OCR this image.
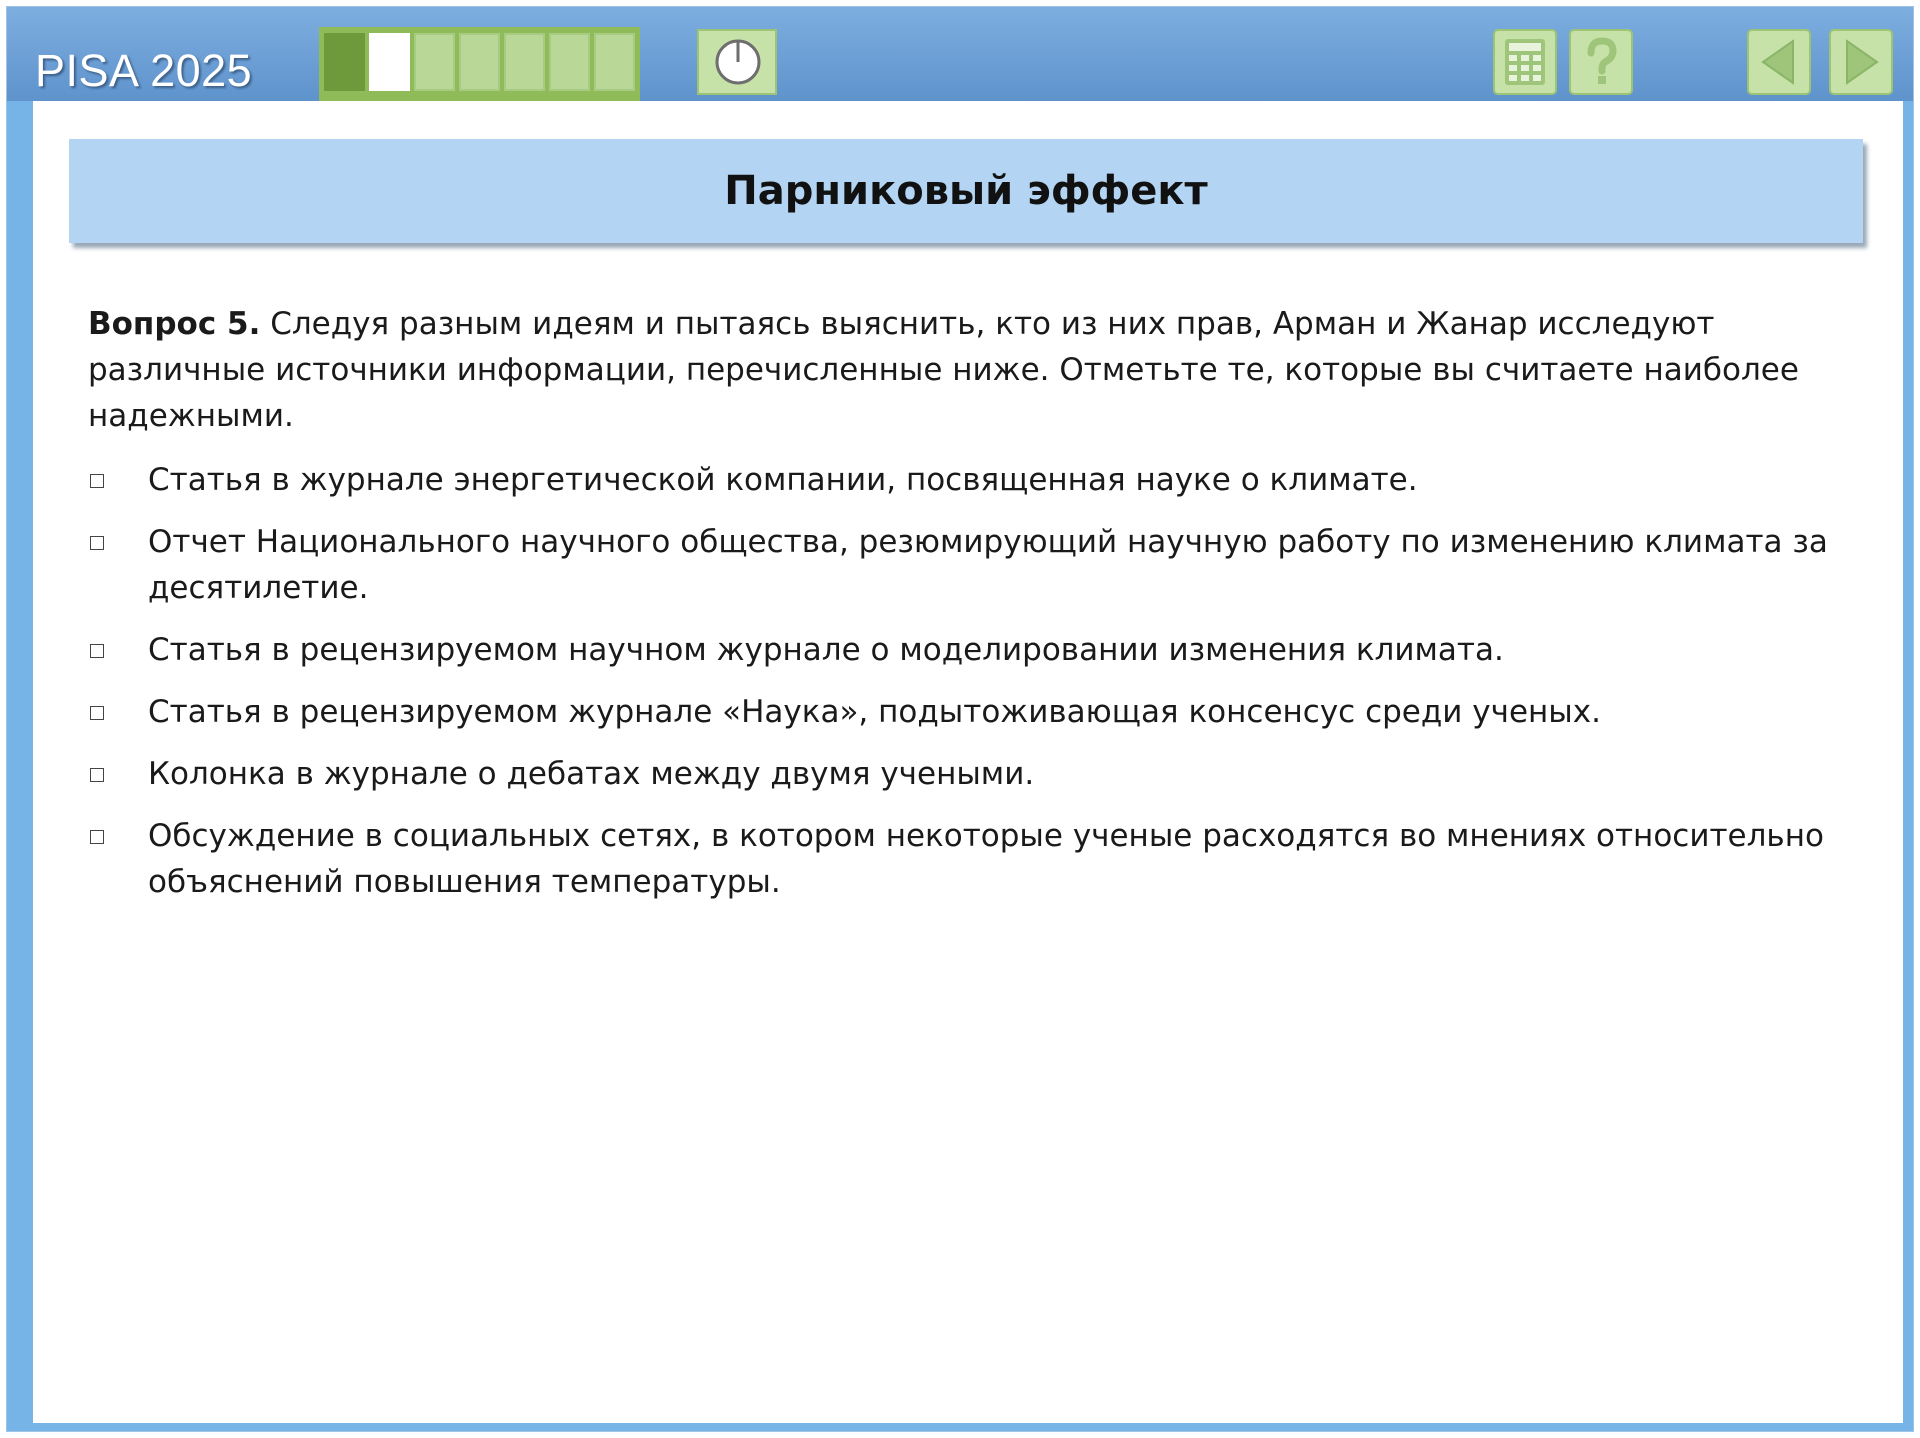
PISA 2025
Парниковый эффект
Вопрос 5. Следуя разным идеям и пытаясь выяснить, кто из них прав, Арман и Жанар исследуют различные источники информации, перечисленные ниже. Отметьте те, которые вы считаете наиболее надежными.
Статья в журнале энергетической компании, посвященная науке о климате.
Отчет Национального научного общества, резюмирующий научную работу по изменению климата за десятилетие.
Статья в рецензируемом научном журнале о моделировании изменения климата.
Статья в рецензируемом журнале «Наука», подытоживающая консенсус среди ученых.
Колонка в журнале о дебатах между двумя учеными.
Обсуждение в социальных сетях, в котором некоторые ученые расходятся во мнениях относительно объяснений повышения температуры.
